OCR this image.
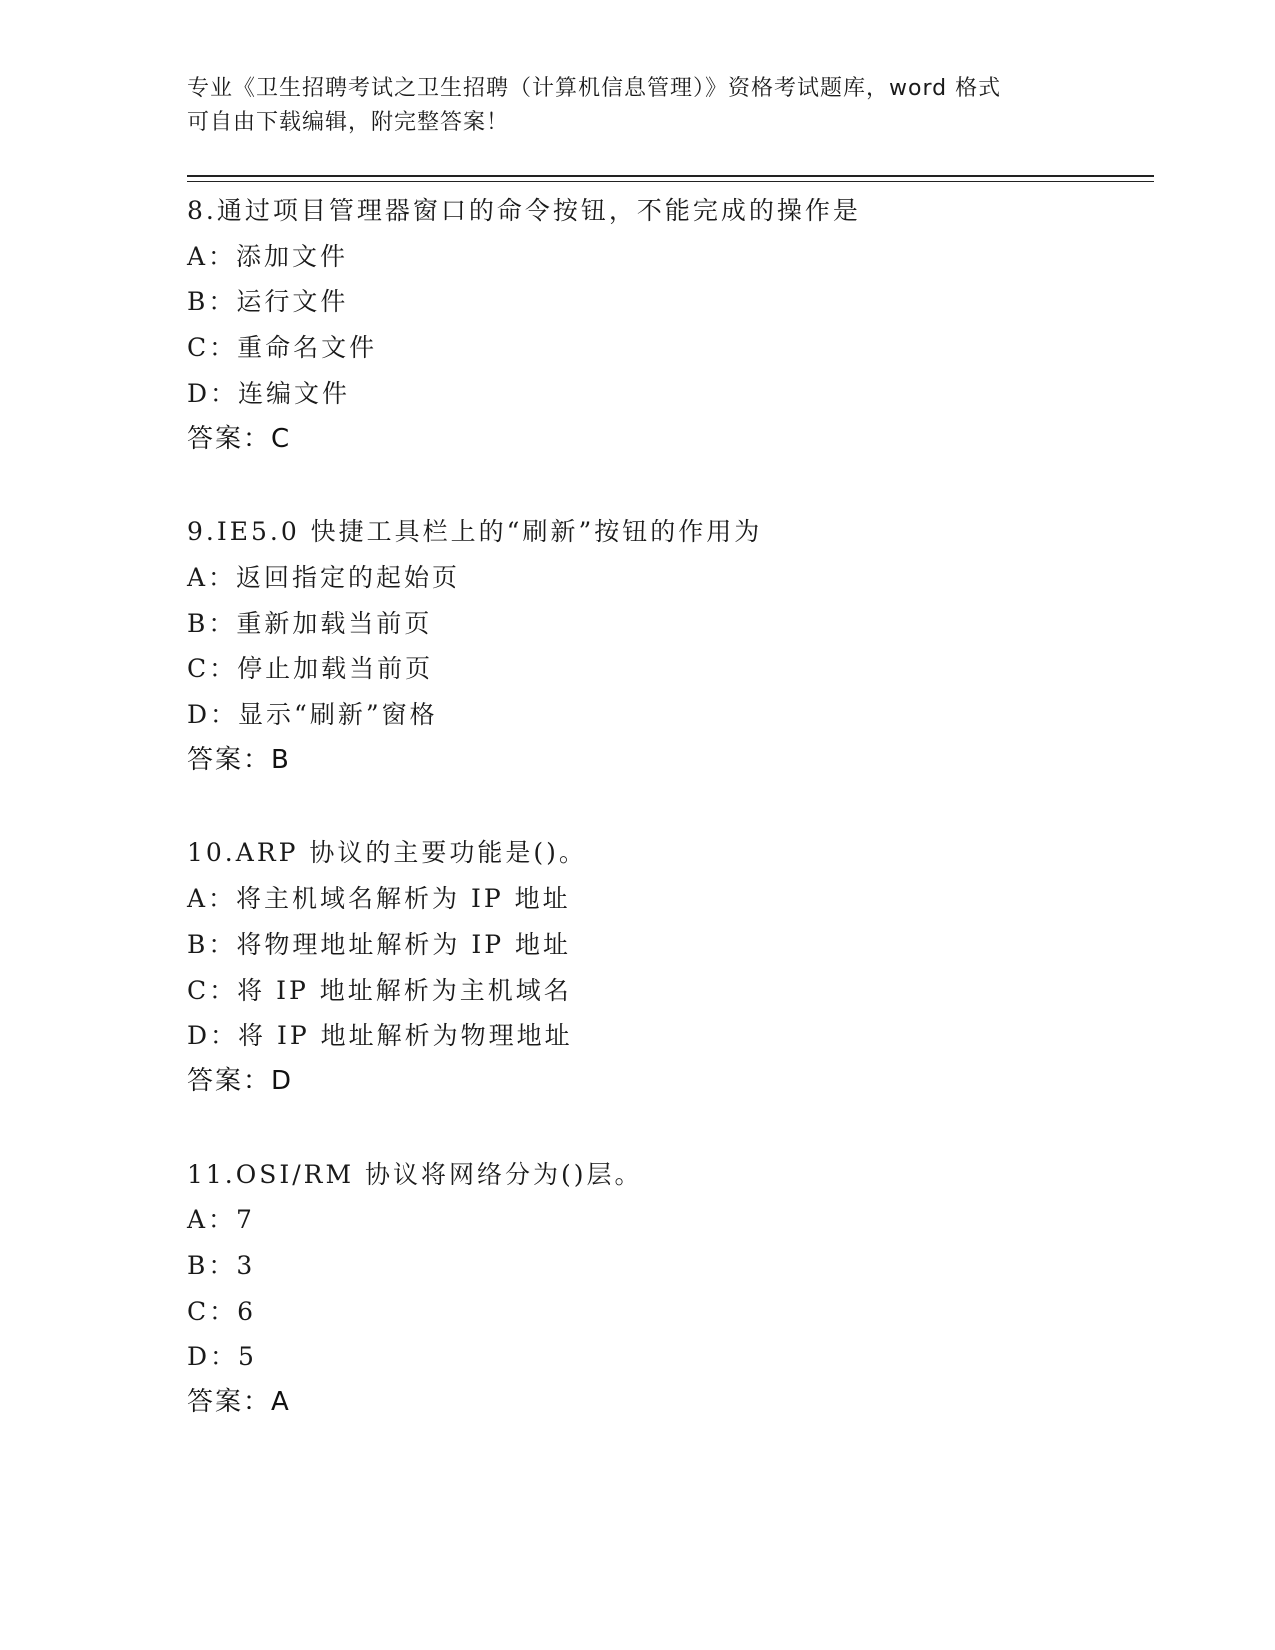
专业《卫生招聘考试之卫生招聘（计算机信息管理）》资格考试题库，word 格式
可自由下载编辑，附完整答案！
8.通过项目管理器窗口的命令按钮，不能完成的操作是
A：添加文件
B：运行文件
C：重命名文件
D：连编文件
答案：C
9.IE5.0 快捷工具栏上的“刷新”按钮的作用为
A：返回指定的起始页
B：重新加载当前页
C：停止加载当前页
D：显示“刷新”窗格
答案：B
10.ARP 协议的主要功能是()。
A：将主机域名解析为 IP 地址
B：将物理地址解析为 IP 地址
C：将 IP 地址解析为主机域名
D：将 IP 地址解析为物理地址
答案：D
11.OSI/RM 协议将网络分为()层。
A：7
B：3
C：6
D：5
答案：A
